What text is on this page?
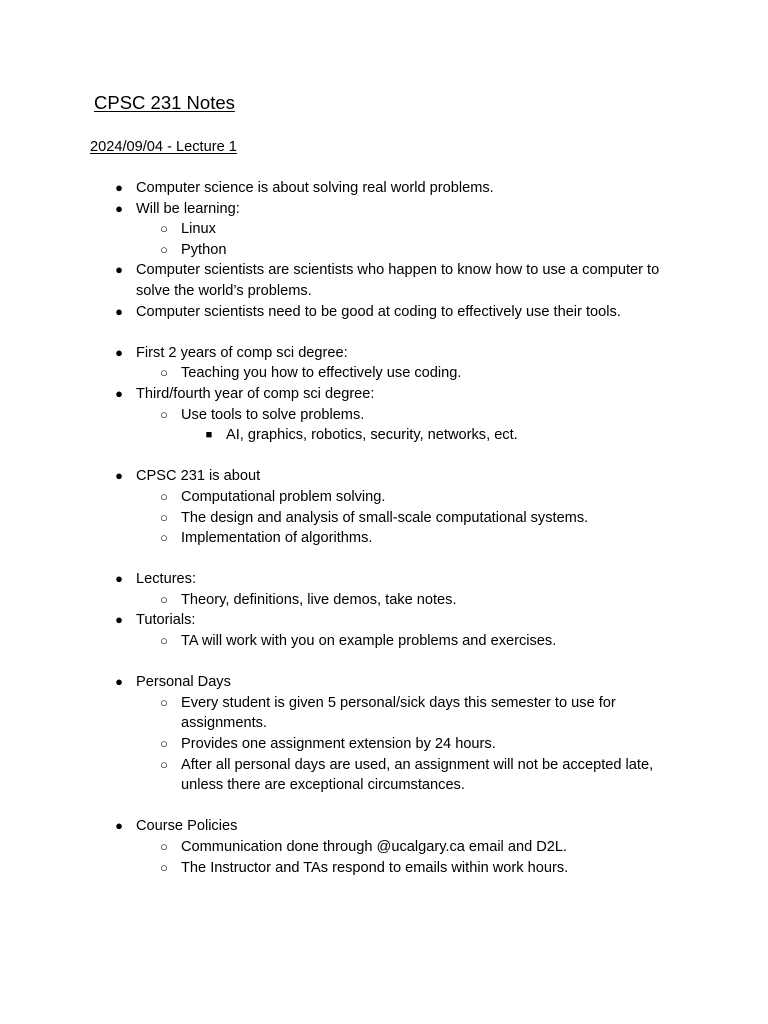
CPSC 231 Notes
2024/09/04 - Lecture 1
● Computer science is about solving real world problems.
● Will be learning:
○ Linux
○ Python
● Computer scientists are scientists who happen to know how to use a computer to solve the world’s problems.
● Computer scientists need to be good at coding to effectively use their tools.
● First 2 years of comp sci degree:
○ Teaching you how to effectively use coding.
● Third/fourth year of comp sci degree:
○ Use tools to solve problems.
■ AI, graphics, robotics, security, networks, ect.
● CPSC 231 is about
○ Computational problem solving.
○ The design and analysis of small-scale computational systems.
○ Implementation of algorithms.
● Lectures:
○ Theory, definitions, live demos, take notes.
● Tutorials:
○ TA will work with you on example problems and exercises.
● Personal Days
○ Every student is given 5 personal/sick days this semester to use for assignments.
○ Provides one assignment extension by 24 hours.
○ After all personal days are used, an assignment will not be accepted late, unless there are exceptional circumstances.
● Course Policies
○ Communication done through @ucalgary.ca email and D2L.
○ The Instructor and TAs respond to emails within work hours.
